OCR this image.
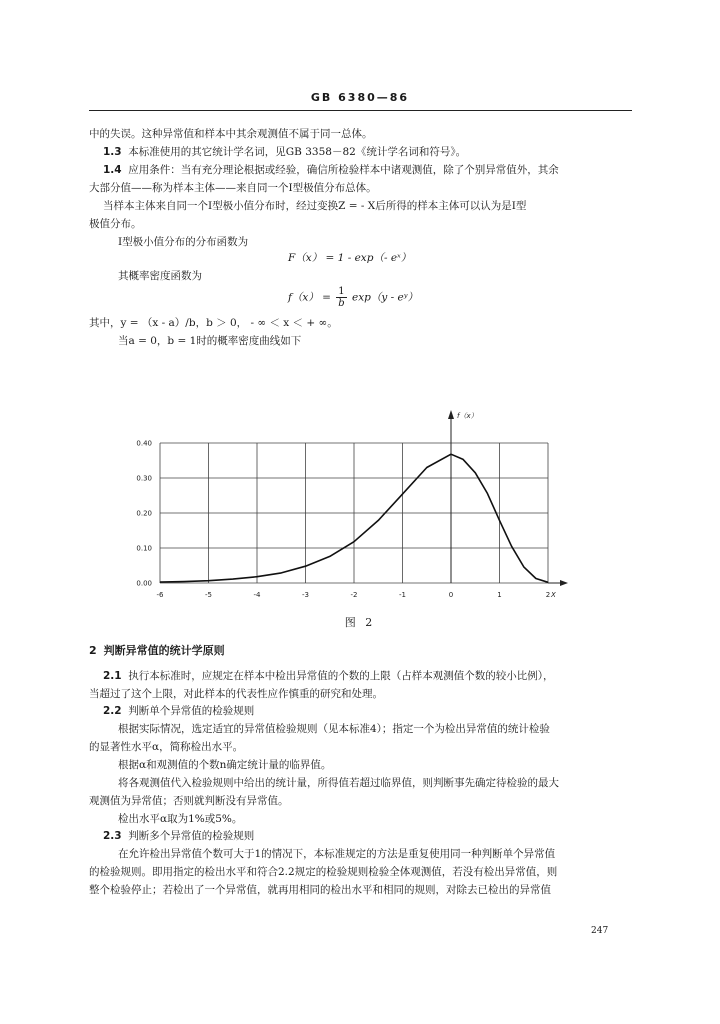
GB 6380—86
中的失误。这种异常值和样本中其余观测值不属于同一总体。
1.3 本标准使用的其它统计学名词，见GB 3358－82《统计学名词和符号》。
1.4 应用条件：当有充分理论根据或经验，确信所检验样本中诸观测值，除了个别异常值外，其余
大部分值——称为样本主体——来自同一个Ⅰ型极值分布总体。
当样本主体来自同一个Ⅰ型极小值分布时，经过变换Z = - X后所得的样本主体可以认为是Ⅰ型
极值分布。
Ⅰ型极小值分布的分布函数为
F（x） = 1 - exp（- eˣ）
其概率密度函数为
$f(x) = \frac{1}{b} \exp(y$ - eʸ）
其中，y = （x - a）/b，b ＞ 0， - ∞ ＜ x ＜ + ∞。
当a = 0，b = 1时的概率密度曲线如下
-6	-5	-4	-3	-2	-1	0	1	2
0.00
0.10
0.20
0.30
0.40
f（x）
X
图 2
2 判断异常值的统计学原则
2.1 执行本标准时，应规定在样本中检出异常值的个数的上限（占样本观测值个数的较小比例），
当超过了这个上限，对此样本的代表性应作慎重的研究和处理。
2.2 判断单个异常值的检验规则
根据实际情况，选定适宜的异常值检验规则（见本标准4）；指定一个为检出异常值的统计检验
的显著性水平α，简称检出水平。
根据α和观测值的个数n确定统计量的临界值。
将各观测值代入检验规则中给出的统计量，所得值若超过临界值，则判断事先确定待检验的最大
观测值为异常值；否则就判断没有异常值。
检出水平α取为1%或5%。
2.3 判断多个异常值的检验规则
在允许检出异常值个数可大于1的情况下，本标准规定的方法是重复使用同一种判断单个异常值
的检验规则。即用指定的检出水平和符合2.2规定的检验规则检验全体观测值，若没有检出异常值，则
整个检验停止；若检出了一个异常值，就再用相同的检出水平和相同的规则，对除去已检出的异常值
247
